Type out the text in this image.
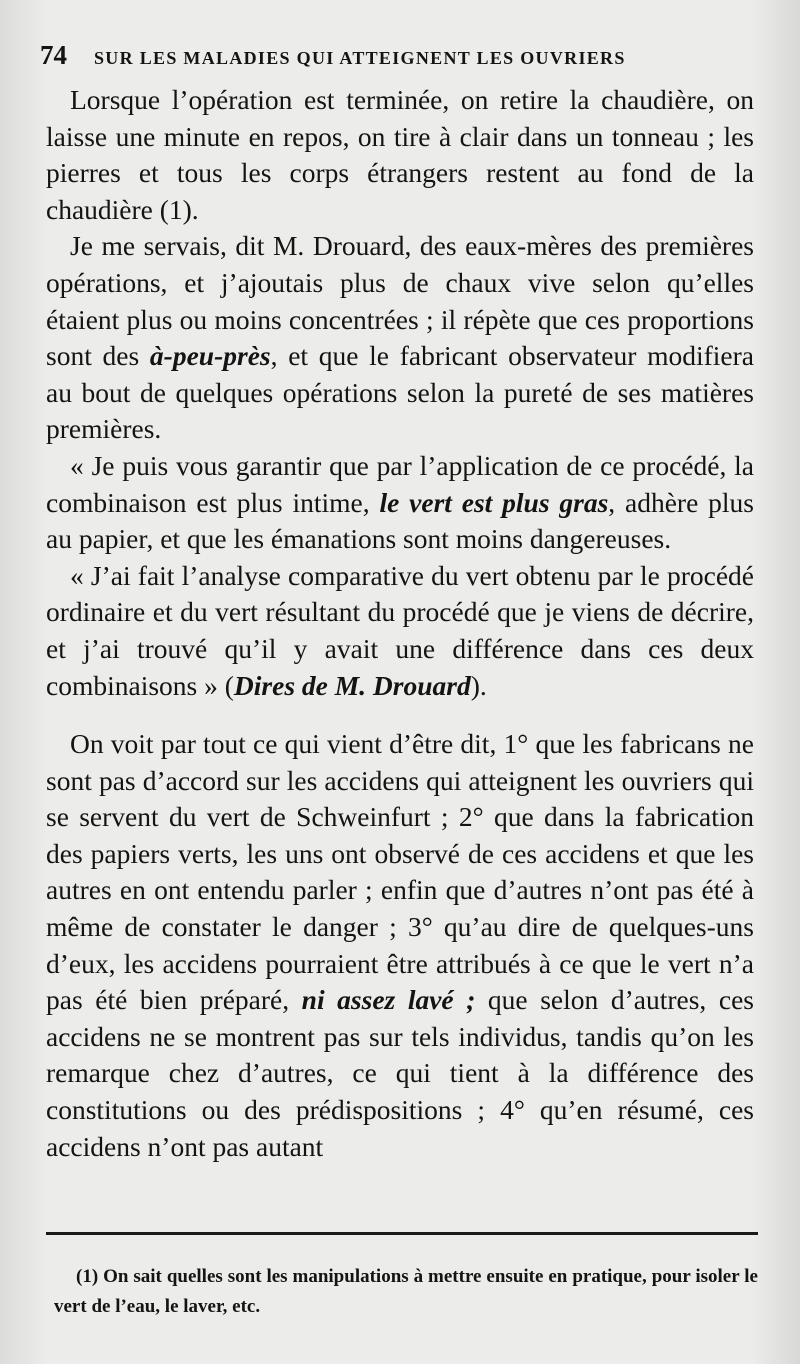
74 SUR LES MALADIES QUI ATTEIGNENT LES OUVRIERS

Lorsque l’opération est terminée, on retire la chaudière, on laisse une minute en repos, on tire à clair dans un tonneau ; les pierres et tous les corps étrangers restent au fond de la chaudière (1).

Je me servais, dit M. Drouard, des eaux-mères des premières opérations, et j’ajoutais plus de chaux vive selon qu’elles étaient plus ou moins concentrées ; il répète que ces proportions sont des à-peu-près, et que le fabricant observateur modifiera au bout de quelques opérations selon la pureté de ses matières premières.

« Je puis vous garantir que par l’application de ce procédé, la combinaison est plus intime, le vert est plus gras, adhère plus au papier, et que les émanations sont moins dangereuses.

« J’ai fait l’analyse comparative du vert obtenu par le procédé ordinaire et du vert résultant du procédé que je viens de décrire, et j’ai trouvé qu’il y avait une différence dans ces deux combinaisons » (Dires de M. Drouard).

On voit par tout ce qui vient d’être dit, 1° que les fabricans ne sont pas d’accord sur les accidens qui atteignent les ouvriers qui se servent du vert de Schweinfurt ; 2° que dans la fabrication des papiers verts, les uns ont observé de ces accidens et que les autres en ont entendu parler ; enfin que d’autres n’ont pas été à même de constater le danger ; 3° qu’au dire de quelques-uns d’eux, les accidens pourraient être attribués à ce que le vert n’a pas été bien préparé, ni assez lavé ; que selon d’autres, ces accidens ne se montrent pas sur tels individus, tandis qu’on les remarque chez d’autres, ce qui tient à la différence des constitutions ou des prédispositions ; 4° qu’en résumé, ces accidens n’ont pas autant

(1) On sait quelles sont les manipulations à mettre ensuite en pratique, pour isoler le vert de l’eau, le laver, etc.
